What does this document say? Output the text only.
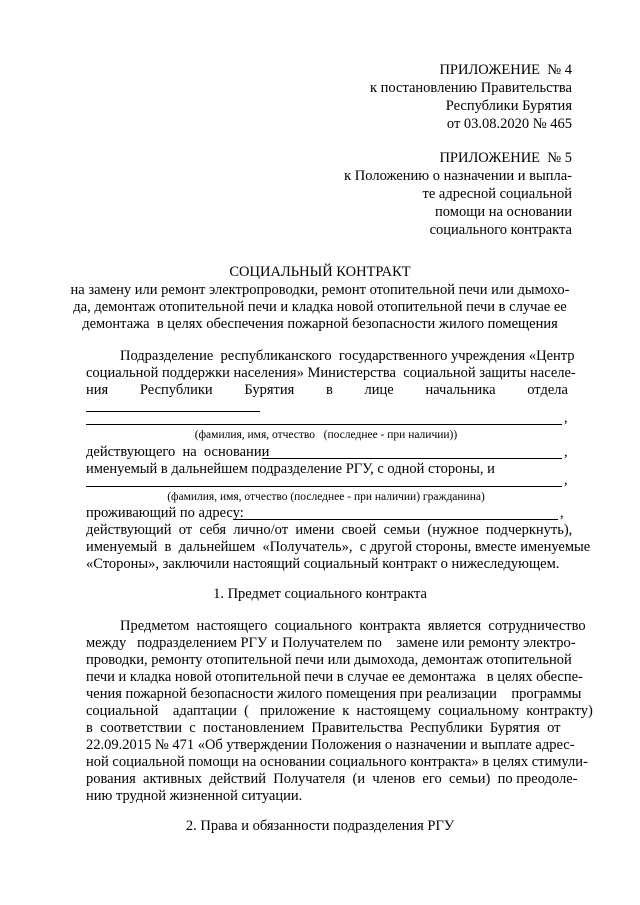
ПРИЛОЖЕНИЕ  № 4
к постановлению Правительства
Республики Бурятия
от 03.08.2020 № 465
ПРИЛОЖЕНИЕ  № 5
к Положению о назначении и выпла-
те адресной социальной
помощи на основании
социального контракта
СОЦИАЛЬНЫЙ КОНТРАКТ
на замену или ремонт электропроводки, ремонт отопительной печи или дымохо-
да, демонтаж отопительной печи и кладка новой отопительной печи в случае ее
демонтажа  в целях обеспечения пожарной безопасности жилого помещения
Подразделение  республиканского  государственного учреждения «Центр
социальной поддержки населения» Министерства  социальной защиты населе-
ния Республики Бурятия в лице начальника отдела
,
(фамилия, имя, отчество   (последнее - при наличии))
действующего  на  основании	,
именуемый в дальнейшем подразделение РГУ, с одной стороны, и
,
(фамилия, имя, отчество (последнее - при наличии) гражданина)
проживающий по адресу:	,
действующий  от  себя  лично/от  имени  своей  семьи  (нужное  подчеркнуть),
именуемый  в  дальнейшем  «Получатель»,  с другой стороны, вместе именуемые
«Стороны», заключили настоящий социальный контракт о нижеследующем.
1. Предмет социального контракта
Предметом  настоящего  социального  контракта  является  сотрудничество
между   подразделением РГУ и Получателем по    замене или ремонту электро-
проводки, ремонту отопительной печи или дымохода, демонтаж отопительной
печи и кладка новой отопительной печи в случае ее демонтажа   в целях обеспе-
чения пожарной безопасности жилого помещения при реализации    программы
социальной    адаптации  (   приложение  к  настоящему  социальному  контракту)
в  соответствии  с  постановлением  Правительства  Республики  Бурятия  от
22.09.2015 № 471 «Об утверждении Положения о назначении и выплате адрес-
ной социальной помощи на основании социального контракта» в целях стимули-
рования  активных  действий  Получателя  (и  членов  его  семьи)  по преодоле-
нию трудной жизненной ситуации.
2. Права и обязанности подразделения РГУ
